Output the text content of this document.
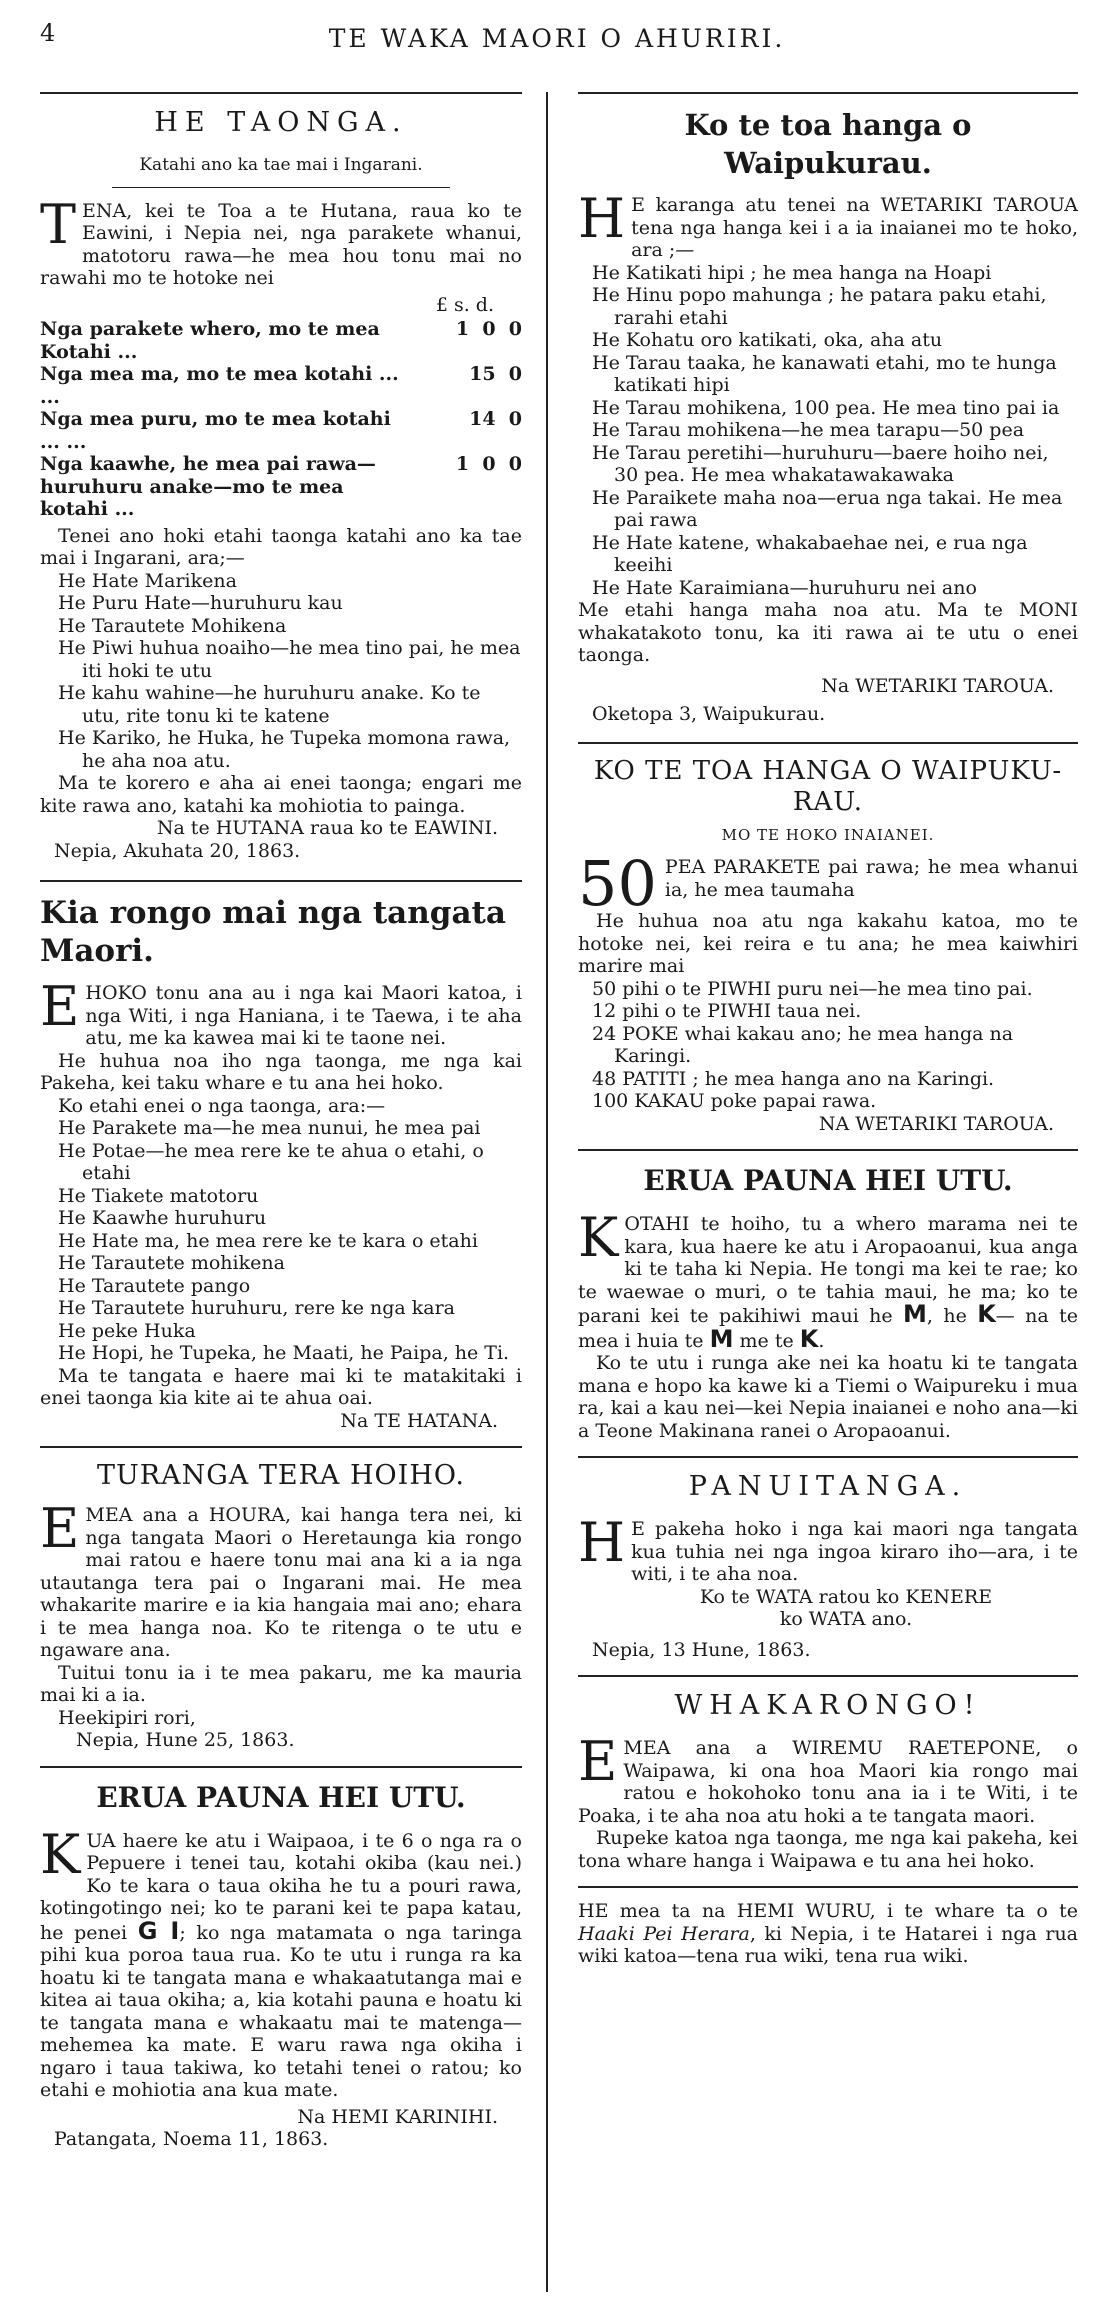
4	TE WAKA MAORI O AHURIRI.
HE TAONGA.
Katahi ano ka tae mai i Ingarani.

TENA, kei te Toa a te Hutana, raua ko te Eawini, i Nepia nei, nga parakete whanui, matotoru rawa—he mea hou tonu mai no rawahi mo te hotoke nei

£ s. d.
Nga parakete whero, mo te mea Kotahi ...	1  0  0
Nga mea ma, mo te mea kotahi ... ...	15  0
Nga mea puru, mo te mea kotahi ... ...	14  0
Nga kaawhe, he mea pai rawa—huruhuru anake—mo te mea kotahi ...	1  0  0

Tenei ano hoki etahi taonga katahi ano ka tae mai i Ingarani, ara;—

He Hate Marikena
He Puru Hate—huruhuru kau
He Tarautete Mohikena
He Piwi huhua noaiho—he mea tino pai, he mea iti hoki te utu
He kahu wahine—he huruhuru anake. Ko te utu, rite tonu ki te katene
He Kariko, he Huka, he Tupeka momona rawa, he aha noa atu.

Ma te korero e aha ai enei taonga; engari me kite rawa ano, katahi ka mohiotia to painga.

Na te HUTANA raua ko te EAWINI.
Nepia, Akuhata 20, 1863.
Kia rongo mai nga tangata Maori.

EHOKO tonu ana au i nga kai Maori katoa, i nga Witi, i nga Haniana, i te Taewa, i te aha atu, me ka kawea mai ki te taone nei.

He huhua noa iho nga taonga, me nga kai Pakeha, kei taku whare e tu ana hei hoko.

Ko etahi enei o nga taonga, ara:—

He Parakete ma—he mea nunui, he mea pai
He Potae—he mea rere ke te ahua o etahi, o etahi
He Tiakete matotoru
He Kaawhe huruhuru
He Hate ma, he mea rere ke te kara o etahi
He Tarautete mohikena
He Tarautete pango
He Tarautete huruhuru, rere ke nga kara
He peke Huka
He Hopi, he Tupeka, he Maati, he Paipa, he Ti.

Ma te tangata e haere mai ki te matakitaki i enei taonga kia kite ai te ahua oai.

Na TE HATANA.
TURANGA TERA HOIHO.

EMEA ana a HOURA, kai hanga tera nei, ki nga tangata Maori o Heretaunga kia rongo mai ratou e haere tonu mai ana ki a ia nga utautanga tera pai o Ingarani mai. He mea whakarite marire e ia kia hangaia mai ano; ehara i te mea hanga noa. Ko te ritenga o te utu e ngaware ana.

Tuitui tonu ia i te mea pakaru, me ka mauria mai ki a ia.

Heekipiri rori,
Nepia, Hune 25, 1863.
ERUA PAUNA HEI UTU.

KUA haere ke atu i Waipaoa, i te 6 o nga ra o Pepuere i tenei tau, kotahi okiba (kau nei.) Ko te kara o taua okiha he tu a pouri rawa, kotingotingo nei; ko te parani kei te papa katau, he penei G I; ko nga matamata o nga taringa pihi kua poroa taua rua. Ko te utu i runga ra ka hoatu ki te tangata mana e whakaatutanga mai e kitea ai taua okiha; a, kia kotahi pauna e hoatu ki te tangata mana e whakaatu mai te matenga—mehemea ka mate. E waru rawa nga okiha i ngaro i taua takiwa, ko tetahi tenei o ratou; ko etahi e mohiotia ana kua mate.

Na HEMI KARINIHI.
Patangata, Noema 11, 1863.
Ko te toa hanga o Waipukurau.

H E karanga atu tenei na WETARIKI TAROUA tena nga hanga kei i a ia inaianei mo te hoko, ara ;—

He Katikati hipi ; he mea hanga na Hoapi
He Hinu popo mahunga ; he patara paku etahi, rarahi etahi
He Kohatu oro katikati, oka, aha atu
He Tarau taaka, he kanawati etahi, mo te hunga katikati hipi
He Tarau mohikena, 100 pea. He mea tino pai ia
He Tarau mohikena—he mea tarapu—50 pea
He Tarau peretihi—huruhuru—baere hoiho nei, 30 pea. He mea whakatawakawaka
He Paraikete maha noa—erua nga takai. He mea pai rawa
He Hate katene, whakabaehae nei, e rua nga keeihi
He Hate Karaimiana—huruhuru nei ano

Me etahi hanga maha noa atu. Ma te MONI whakatakoto tonu, ka iti rawa ai te utu o enei taonga.

Na WETARIKI TAROUA.
Oketopa 3, Waipukurau.
KO TE TOA HANGA O WAIPUKU-RAU.
MO TE HOKO INAIANEI.

50 PEA PARAKETE pai rawa; he mea whanui ia, he mea taumaha

He huhua noa atu nga kakahu katoa, mo te hotoke nei, kei reira e tu ana; he mea kaiwhiri marire mai

50 pihi o te PIWHI puru nei—he mea tino pai.
12 pihi o te PIWHI taua nei.
24 POKE whai kakau ano; he mea hanga na Karingi.
48 PATITI ; he mea hanga ano na Karingi.
100 KAKAU poke papai rawa.
NA WETARIKI TAROUA.
ERUA PAUNA HEI UTU.

KOTAHI te hoiho, tu a whero marama nei te kara, kua haere ke atu i Aropaoanui, kua anga ki te taha ki Nepia. He tongi ma kei te rae; ko te waewae o muri, o te tahia maui, he ma; ko te parani kei te pakihiwi maui he M, he K— na te mea i huia te M me te K.

Ko te utu i runga ake nei ka hoatu ki te tangata mana e hopo ka kawe ki a Tiemi o Waipureku i mua ra, kai a kau nei—kei Nepia inaianei e noho ana—ki a Teone Makinana ranei o Aropaoanui.

PANUITANGA.

H E pakeha hoko i nga kai maori nga tangata kua tuhia nei nga ingoa kiraro iho—ara, i te witi, i te aha noa.

Ko te WATA ratou ko KENERE
ko WATA ano.
Nepia, 13 Hune, 1863.
WHAKARONGO!

EMEA ana a WIREMU RAETEPONE, o Waipawa, ki ona hoa Maori kia rongo mai ratou e hokohoko tonu ana ia i te Witi, i te Poaka, i te aha noa atu hoki a te tangata maori.

Rupeke katoa nga taonga, me nga kai pakeha, kei tona whare hanga i Waipawa e tu ana hei hoko.

HE mea ta na HEMI WURU, i te whare ta o te Haaki Pei Herara, ki Nepia, i te Hatarei i nga rua wiki katoa—tena rua wiki, tena rua wiki.
